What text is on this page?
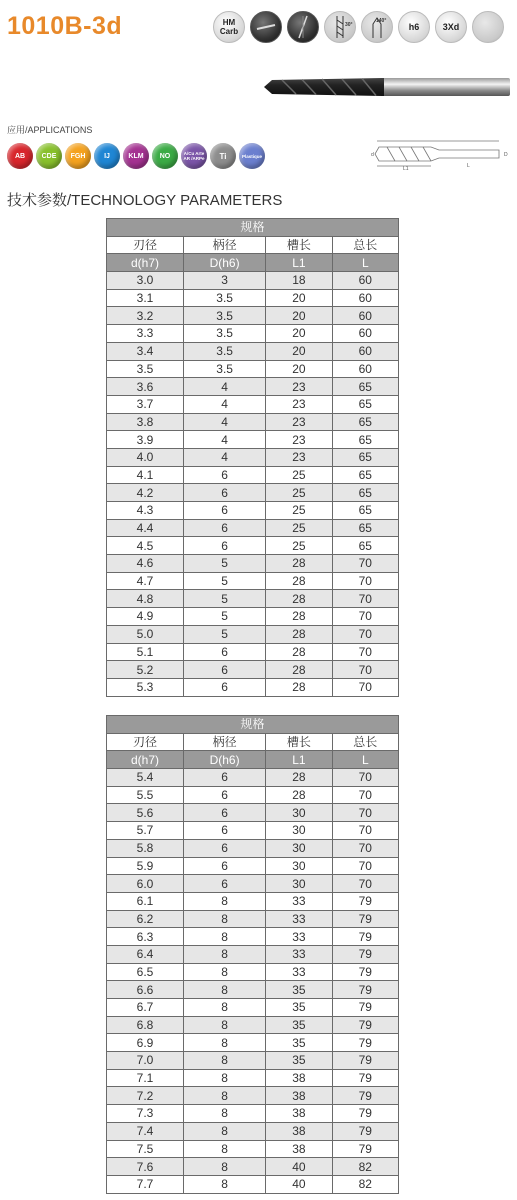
1010B-3d	HM
Carb
30°
140°
h6	3Xd
应用/APPLICATIONS
AB CDE FGH	IJ	KLM NO	A/Cu Arte AR /ARPe	Ti	Plastique
L1	L
d	D
技术参数/TECHNOLOGY PARAMETERS
规格			
刃径	柄径	槽长	总长
d(h7)	D(h6)	L1	L
3.0	3	18	60
3.1	3.5	20	60
3.2	3.5	20	60
3.3	3.5	20	60
3.4	3.5	20	60
3.5	3.5	20	60
3.6	4	23	65
3.7	4	23	65
3.8	4	23	65
3.9	4	23	65
4.0	4	23	65
4.1	6	25	65
4.2	6	25	65
4.3	6	25	65
4.4	6	25	65
4.5	6	25	65
4.6	5	28	70
4.7	5	28	70
4.8	5	28	70
4.9	5	28	70
5.0	5	28	70
5.1	6	28	70
5.2	6	28	70
5.3	6	28	70
规格			
刃径	柄径	槽长	总长
d(h7)	D(h6)	L1	L
5.4	6	28	70
5.5	6	28	70
5.6	6	30	70
5.7	6	30	70
5.8	6	30	70
5.9	6	30	70
6.0	6	30	70
6.1	8	33	79
6.2	8	33	79
6.3	8	33	79
6.4	8	33	79
6.5	8	33	79
6.6	8	35	79
6.7	8	35	79
6.8	8	35	79
6.9	8	35	79
7.0	8	35	79
7.1	8	38	79
7.2	8	38	79
7.3	8	38	79
7.4	8	38	79
7.5	8	38	79
7.6	8	40	82
7.7	8	40	82
